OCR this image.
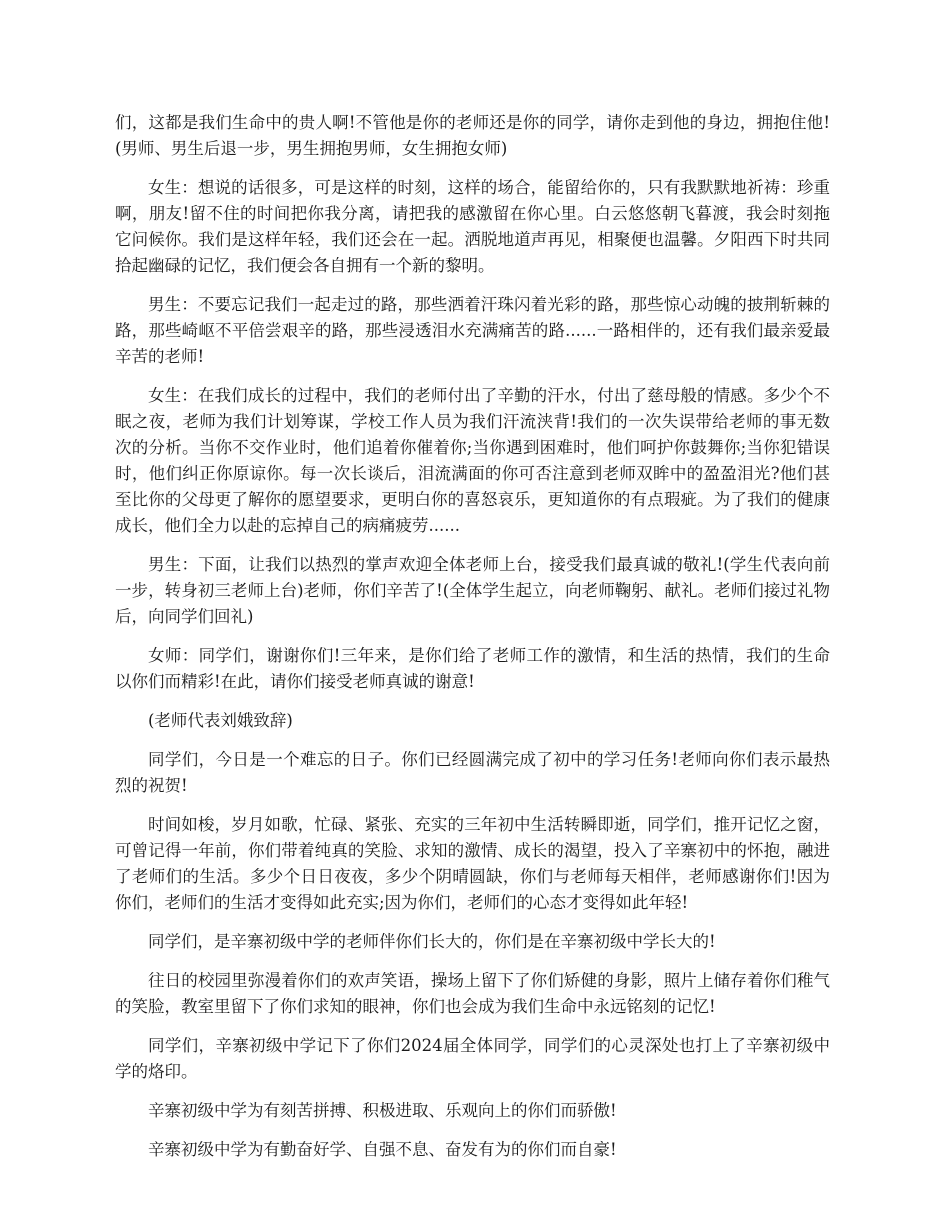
们，这都是我们生命中的贵人啊!不管他是你的老师还是你的同学，请你走到他的身边，拥抱住他!(男师、男生后退一步，男生拥抱男师，女生拥抱女师)

女生：想说的话很多，可是这样的时刻，这样的场合，能留给你的，只有我默默地祈祷：珍重啊，朋友!留不住的时间把你我分离，请把我的感激留在你心里。白云悠悠朝飞暮渡，我会时刻拖它问候你。我们是这样年轻，我们还会在一起。洒脱地道声再见，相聚便也温馨。夕阳西下时共同拾起幽碌的记忆，我们便会各自拥有一个新的黎明。

男生：不要忘记我们一起走过的路，那些洒着汗珠闪着光彩的路，那些惊心动魄的披荆斩棘的路，那些崎岖不平倍尝艰辛的路，那些浸透泪水充满痛苦的路......一路相伴的，还有我们最亲爱最辛苦的老师!

女生：在我们成长的过程中，我们的老师付出了辛勤的汗水，付出了慈母般的情感。多少个不眠之夜，老师为我们计划筹谋，学校工作人员为我们汗流浃背!我们的一次失误带给老师的事无数次的分析。当你不交作业时，他们追着你催着你;当你遇到困难时，他们呵护你鼓舞你;当你犯错误时，他们纠正你原谅你。每一次长谈后，泪流满面的你可否注意到老师双眸中的盈盈泪光?他们甚至比你的父母更了解你的愿望要求，更明白你的喜怒哀乐，更知道你的有点瑕疵。为了我们的健康成长，他们全力以赴的忘掉自己的病痛疲劳......

男生：下面，让我们以热烈的掌声欢迎全体老师上台，接受我们最真诚的敬礼!(学生代表向前一步，转身初三老师上台)老师，你们辛苦了!(全体学生起立，向老师鞠躬、献礼。老师们接过礼物后，向同学们回礼)

女师：同学们，谢谢你们!三年来，是你们给了老师工作的激情，和生活的热情，我们的生命以你们而精彩!在此，请你们接受老师真诚的谢意!

(老师代表刘娥致辞)

同学们，今日是一个难忘的日子。你们已经圆满完成了初中的学习任务!老师向你们表示最热烈的祝贺!

时间如梭，岁月如歌，忙碌、紧张、充实的三年初中生活转瞬即逝，同学们，推开记忆之窗，可曾记得一年前，你们带着纯真的笑脸、求知的激情、成长的渴望，投入了辛寨初中的怀抱，融进了老师们的生活。多少个日日夜夜，多少个阴晴圆缺，你们与老师每天相伴，老师感谢你们!因为你们，老师们的生活才变得如此充实;因为你们，老师们的心态才变得如此年轻!

同学们，是辛寨初级中学的老师伴你们长大的，你们是在辛寨初级中学长大的!

往日的校园里弥漫着你们的欢声笑语，操场上留下了你们矫健的身影，照片上储存着你们稚气的笑脸，教室里留下了你们求知的眼神，你们也会成为我们生命中永远铭刻的记忆!

同学们，辛寨初级中学记下了你们2024届全体同学，同学们的心灵深处也打上了辛寨初级中学的烙印。

辛寨初级中学为有刻苦拼搏、积极进取、乐观向上的你们而骄傲!

辛寨初级中学为有勤奋好学、自强不息、奋发有为的你们而自豪!
